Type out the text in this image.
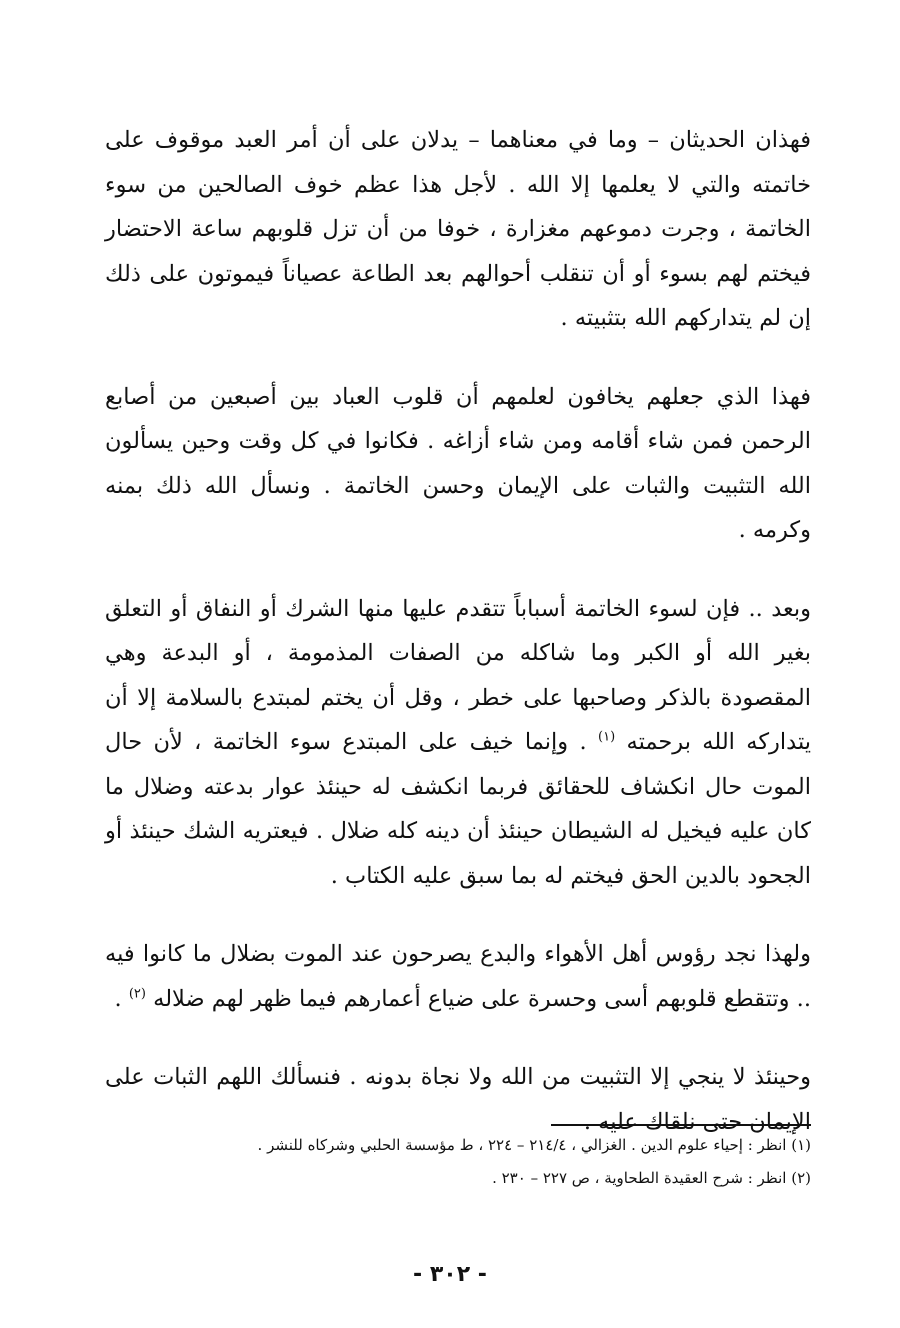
فهذان الحديثان – وما في معناهما – يدلان على أن أمر العبد موقوف على خاتمته والتي لا يعلمها إلا الله . لأجل هذا عظم خوف الصالحين من سوء الخاتمة ، وجرت دموعهم مغزارة ، خوفا من أن تزل قلوبهم ساعة الاحتضار فيختم لهم بسوء أو أن تنقلب أحوالهم بعد الطاعة عصياناً فيموتون على ذلك إن لم يتداركهم الله بتثبيته .

فهذا الذي جعلهم يخافون لعلمهم أن قلوب العباد بين أصبعين من أصابع الرحمن فمن شاء أقامه ومن شاء أزاغه . فكانوا في كل وقت وحين يسألون الله التثبيت والثبات على الإيمان وحسن الخاتمة . ونسأل الله ذلك بمنه وكرمه .

وبعد .. فإن لسوء الخاتمة أسباباً تتقدم عليها منها الشرك أو النفاق أو التعلق بغير الله أو الكبر وما شاكله من الصفات المذمومة ، أو البدعة وهي المقصودة بالذكر وصاحبها على خطر ، وقل أن يختم لمبتدع بالسلامة إلا أن يتداركه الله برحمته $^{(١)}$ . وإنما خيف على المبتدع سوء الخاتمة ، لأن حال الموت حال انكشاف للحقائق فربما انكشف له حينئذ عوار بدعته وضلال ما كان عليه فيخيل له الشيطان حينئذ أن دينه كله ضلال . فيعتريه الشك حينئذ أو الجحود بالدين الحق فيختم له بما سبق عليه الكتاب .

ولهذا نجد رؤوس أهل الأهواء والبدع يصرحون عند الموت بضلال ما كانوا فيه .. وتتقطع قلوبهم أسى وحسرة على ضياع أعمارهم فيما ظهر لهم ضلاله $^{(٢)}$ .

وحينئذ لا ينجي إلا التثبيت من الله ولا نجاة بدونه . فنسألك اللهم الثبات على الإيمان حتى نلقاك عليه .

(١) انظر : إحياء علوم الدين . الغزالي ، ٢١٤/٤ – ٢٢٤ ، ط مؤسسة الحلبي وشركاه للنشر .

(٢) انظر : شرح العقيدة الطحاوية ، ص ٢٢٧ – ٢٣٠ .

- ٣٠٢ -
